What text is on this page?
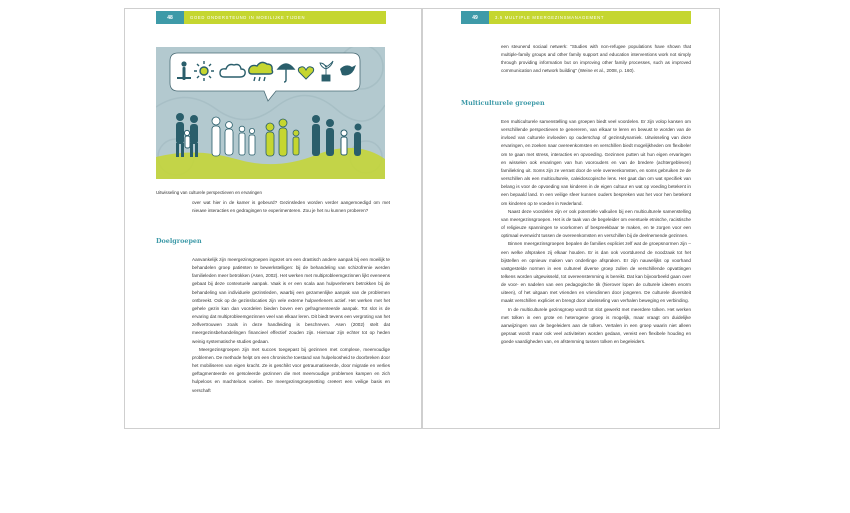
48	GOED ONDERSTEUND IN MOEILIJKE TIJDEN
Uitwisseling van culturele perspectieven en ervaringen

over wat hier in de kamer is gebeurd? Gezinsleden worden verder aangemoedigd om met nieuwe interacties en gedragingen te experimenteren. Zou je het nu kunnen proberen?

Doelgroepen

Aanvankelijk zijn meergezinsgroepen ingezet om een drastisch andere aanpak bij een moeilijk te behandelen groep patiënten te bewerkstelligen: bij de behandeling van schizofrenie werden familieleden meer betrokken (Asen, 2002). Het werken met multiprobleemgezinnen lijkt eveneens gebaat bij deze contextuele aanpak. Vaak is er een scala aan hulpverleners betrokken bij de behandeling van individuele gezinsleden, waarbij een gezamenlijke aanpak van de problemen ontbreekt. Ook op de gezinslocaties zijn vele externe hulpverleners actief. Het werken met het gehele gezin kan dan voordelen bieden boven een gefragmenteerde aanpak. Tot slot is de ervaring dat multiprobleemgezinnen veel van elkaar leren. Dit biedt tevens een vergroting van het zelfvertrouwen zoals in deze handleiding is beschreven. Asen (2002) stelt dat meergezinsbehandelingen financieel effectief zouden zijn. Hiernaar zijn echter tot op heden weinig systematische studies gedaan.

Meergezinsgroepen zijn met succes toegepast bij gezinnen met complexe, meervoudige problemen. De methode helpt om een chronische toestand van hulpeloosheid te doorbreken door het mobiliseren van eigen kracht. Ze is geschikt voor getraumatiseerde, door migratie en verlies geftagmenteerde en geïsoleerde gezinnen die met meervoudige problemen kampen en zich hulpeloos en machteloos voelen. De meergezinsgroepsetting creëert een veilige basis en verschaft

49	3.5 MULTIPLE MEERGEZINSMANAGEMENT

een steunend sociaal netwerk: "Studies with non-refugee populations have shown that multiple-family groups and other family support and education interventions work not simply through providing information but on improving other family processes, such as improved communication and network building" (Weine et al., 2008, p. 160).

Multiculturele groepen

Een multiculturele samenstelling van groepen biedt veel voordelen. Er zijn volop kansen om verschillende perspectieven te genereren, van elkaar te leren en bewust te worden van de invloed van culturele invloeden op ouderschap of gezinsdynamiek. Uitwisseling van deze ervaringen, en zoeken naar overeenkomsten en verschillen biedt mogelijkheden om flexibeler om te gaan met stress, interacties en opvoeding. Gezinnen putten uit hun eigen ervaringen en wisselen ook ervaringen van hun voorouders en van de bredere (achtergebleven) familiekring uit. Soms zijn ze verrast door de vele overeenkomsten, en soms gebruiken ze de verschillen als een multiculturele, caleidoscopische lens. Het gaat dan om wat specifiek van belang is voor de opvoeding van kinderen in de eigen cultuur en wat op voeding betekent in een bepaald land. In een veilige sfeer kunnen ouders bespreken wat het voor hen betekent om kinderen op te voeden in Nederland.

Naast deze voordelen zijn er ook potentiële valkuilen bij een multiculturele samenstelling van meergezinsgroepen. Het is de taak van de begeleider om eventuele etnische, racistische of religieuze spanningen te voorkomen of bespreekbaar te maken, en te zorgen voor een optimaal evenwicht tussen de overeenkomsten en verschillen bij de deelnemende gezinnen.

Binnen meergezinsgroepen bepalen de families expliciet zelf wat de groepsnormen zijn – een welke afspraken zij elkaar houden. Er is dan ook voortdurend de noodzaak tot het bijstellen en opnieuw maken van onderlinge afspraken. Er zijn nauwelijks op voorhand vastgestelde normen in een cultureel diverse groep zullen de verschillende opvattingen telkens worden uitgewisseld, tot overeenstemming is bereikt. Dat kan bijvoorbeeld gaan over de voor- en nadelen van een pedagogische tik (hierover lopen de culturele ideeën enorm uiteen), of het uitgaan met vrienden en vriendinnen door jongeren. De culturele diversiteit maakt verschillen expliciet en brengt door uitwisseling van verhalen beweging en verbinding.

In de multiculturele gezinsgroep wordt tot slot gewerkt met meerdere tolken. Het werken met tolken in een grote en heterogene groep is mogelijk, maar vraagt om duidelijke aanwijzingen van de begeleiders aan de tolken. Vertalen in een groep waarin niet alleen gepraat wordt maar ook veel activiteiten worden gedaan, vereist een flexibele houding en goede vaardigheden van, en afstemming tussen tolken en begeleiders.
